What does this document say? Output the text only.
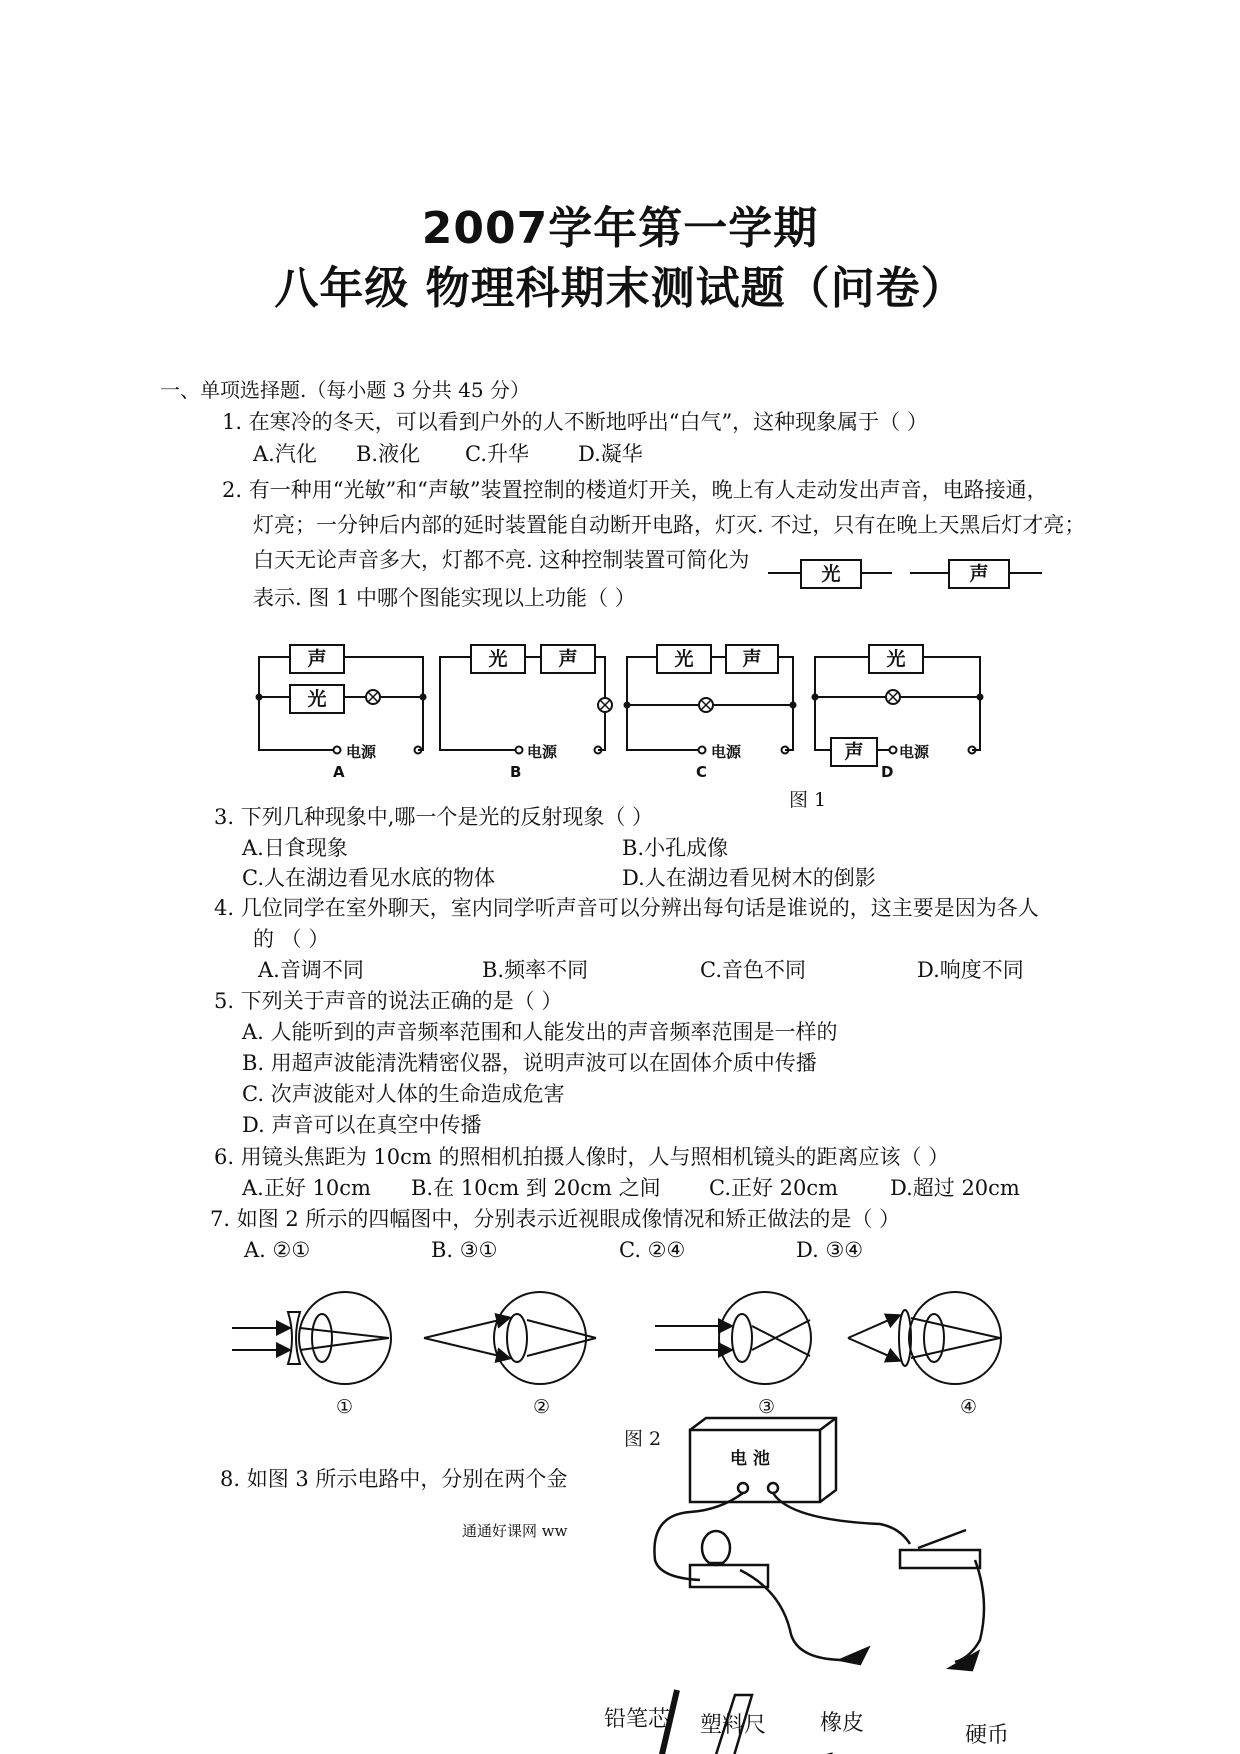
2007学年第一学期
八年级 物理科期末测试题（问卷）
一、单项选择题.（每小题 3 分共 45 分）
1. 在寒冷的冬天，可以看到户外的人不断地呼出“白气”，这种现象属于（ ）
A.汽化 B.液化 C.升华 D.凝华
2. 有一种用“光敏”和“声敏”装置控制的楼道灯开关，晚上有人走动发出声音，电路接通，
灯亮；一分钟后内部的延时装置能自动断开电路，灯灭. 不过，只有在晚上天黑后灯才亮；
白天无论声音多大，灯都不亮. 这种控制装置可简化为
表示. 图 1 中哪个图能实现以上功能（ ）
光	声
声
光
光	声	光	声	光
声
电源	电源	电源	电源
A	B	C	D
图 1
3. 下列几种现象中,哪一个是光的反射现象（ ）
A.日食现象	B.小孔成像
C.人在湖边看见水底的物体	D.人在湖边看见树木的倒影
4. 几位同学在室外聊天，室内同学听声音可以分辨出每句话是谁说的，这主要是因为各人
的 （ ）
A.音调不同	B.频率不同	C.音色不同	D.响度不同
5. 下列关于声音的说法正确的是（ ）
A. 人能听到的声音频率范围和人能发出的声音频率范围是一样的
B. 用超声波能清洗精密仪器，说明声波可以在固体介质中传播
C. 次声波能对人体的生命造成危害
D. 声音可以在真空中传播
6. 用镜头焦距为 10cm 的照相机拍摄人像时，人与照相机镜头的距离应该（ ）
A.正好 10cm B.在 10cm 到 20cm 之间 C.正好 20cm D.超过 20cm
7. 如图 2 所示的四幅图中，分别表示近视眼成像情况和矫正做法的是（ ）
A. ②①	B. ③①	C. ②④	D. ③④
①	②	③	④
图 2
8. 如图 3 所示电路中，分别在两个金
电 池
铅笔芯 塑料尺 橡皮	硬币
通通好课网 ww
